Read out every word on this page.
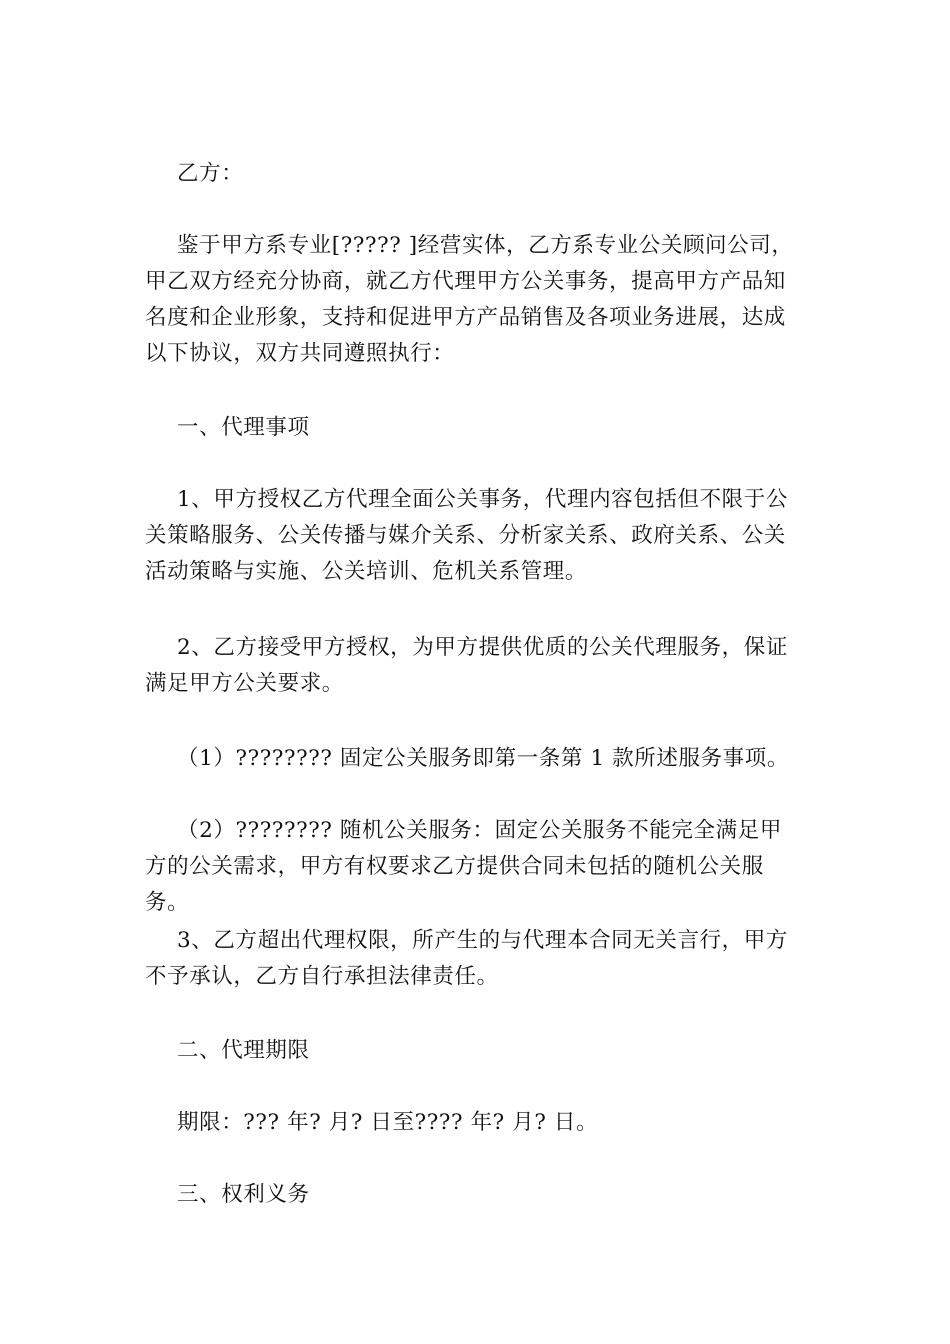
乙方：

鉴于甲方系专业[????? ]经营实体，乙方系专业公关顾问公司，甲乙双方经充分协商，就乙方代理甲方公关事务，提高甲方产品知名度和企业形象，支持和促进甲方产品销售及各项业务进展，达成以下协议，双方共同遵照执行：

一、代理事项

1、甲方授权乙方代理全面公关事务，代理内容包括但不限于公关策略服务、公关传播与媒介关系、分析家关系、政府关系、公关活动策略与实施、公关培训、危机关系管理。

2、乙方接受甲方授权，为甲方提供优质的公关代理服务，保证满足甲方公关要求。

（1）???????? 固定公关服务即第一条第 1 款所述服务事项。

（2）???????? 随机公关服务：固定公关服务不能完全满足甲方的公关需求，甲方有权要求乙方提供合同未包括的随机公关服务。

3、乙方超出代理权限，所产生的与代理本合同无关言行，甲方不予承认，乙方自行承担法律责任。

二、代理期限

期限：??? 年? 月? 日至???? 年? 月? 日。

三、权利义务
